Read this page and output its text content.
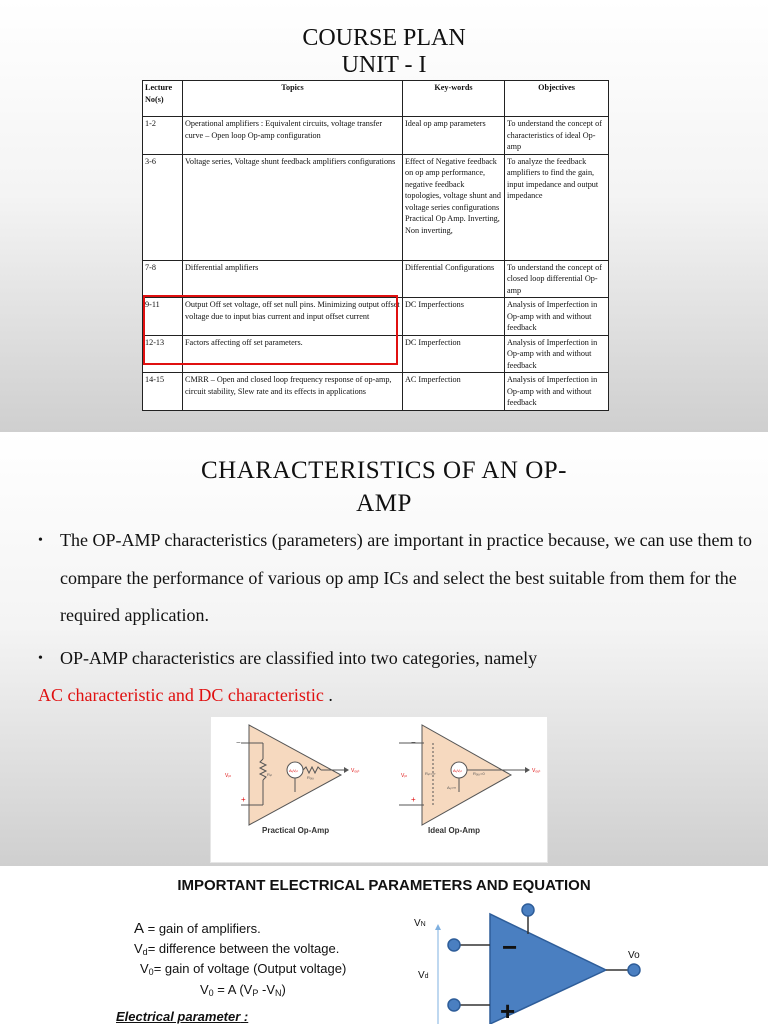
COURSE PLAN
UNIT - I
Lecture No(s)	Topics	Key-words	Objectives
1-2	Operational amplifiers : Equivalent circuits, voltage transfer curve – Open loop Op-amp configuration	Ideal op amp parameters	To understand the concept of characteristics of ideal Op-amp
3-6	Voltage series, Voltage shunt feedback amplifiers configurations	Effect of Negative feedback on op amp performance, negative feedback topologies, voltage shunt and voltage series configurations Practical Op Amp. Inverting, Non inverting,	To analyze the feedback amplifiers to find the gain, input impedance and output impedance
7-8	Differential amplifiers	Differential Configurations	To understand the concept of closed loop differential Op-amp
9-11	Output Off set voltage, off set null pins. Minimizing output offset voltage due to input bias current and input offset current	DC Imperfections	Analysis of Imperfection in Op-amp with and without feedback
12-13	Factors affecting off set parameters.	DC Imperfection	Analysis of Imperfection in Op-amp with and without feedback
14-15	CMRR – Open and closed loop frequency response of op-amp, circuit stability, Slew rate and its effects in applications	AC Imperfection	Analysis of Imperfection in Op-amp with and without feedback
CHARACTERISTICS OF AN OP-
AMP
• The OP-AMP characteristics (parameters) are important in practice because, we can use them to compare the performance of various op amp ICs and select the best suitable from them for the required application.
• OP-AMP characteristics are classified into two categories, namely
AC characteristic and DC characteristic .
−
+
Vᵢₙ	Rᵢₙ
AᵥVᵢₙ
Rₒᵤₜ
Vₒᵤₜ
Practical Op-Amp
−
+
Vᵢₙ	Rᵢₙ=∞
AᵥVᵢₙ
Rₒᵤₜ=0
Aᵥ=∞
Vₒᵤₜ
Ideal Op-Amp
IMPORTANT ELECTRICAL PARAMETERS AND EQUATION
A = gain of amplifiers.
$V_d=$ difference between the voltage.
$V_0=$ gain of voltage (Output voltage)
$V_0 = A$ ($V_P$ $-V_N$)
Electrical parameter :
−
+
VN
Vd
Vo
